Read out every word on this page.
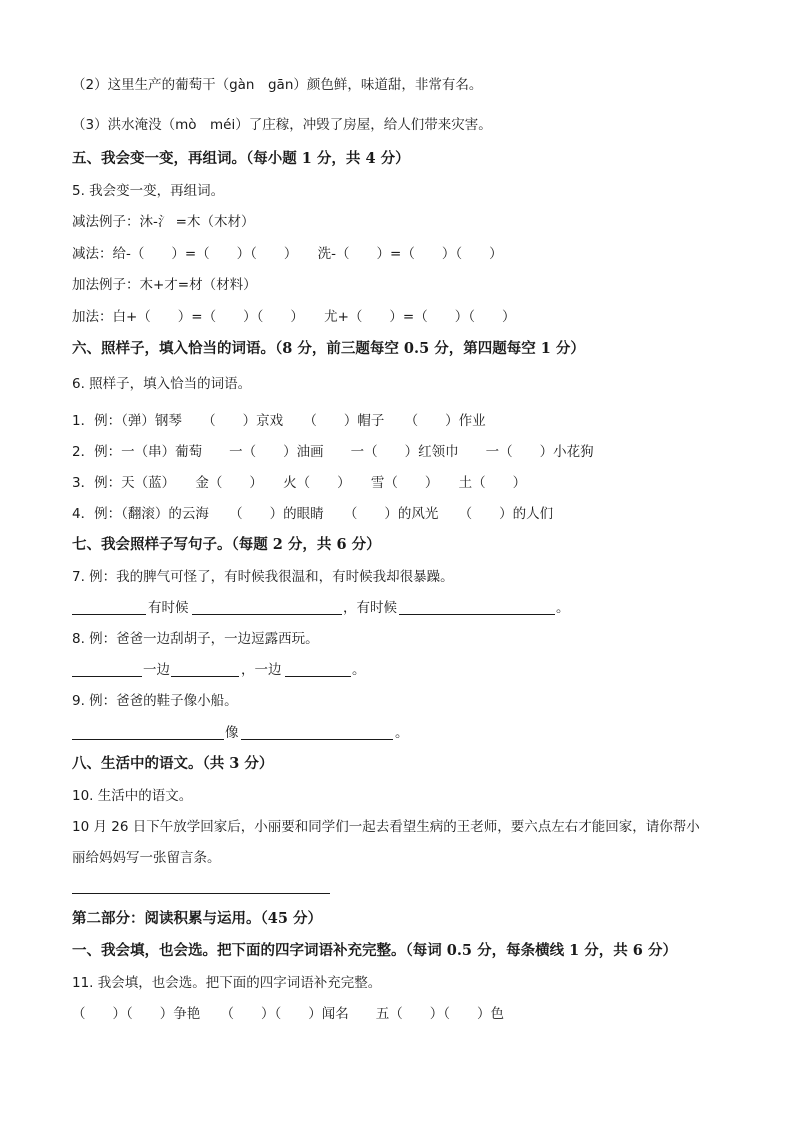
（2）这里生产的葡萄干（gàn　gān）颜色鲜，味道甜，非常有名。
（3）洪水淹没（mò　méi）了庄稼，冲毁了房屋，给人们带来灾害。
五、我会变一变，再组词。（每小题 1 分，共 4 分）
5. 我会变一变，再组词。
减法例子：沐-氵 =木（木材）
减法：给-（　　）=（　　）（　　）　　洗-（　　）=（　　）（　　）
加法例子：木+才=材（材料）
加法：白+（　　）=（　　）（　　）　　尤+（　　）=（　　）（　　）
六、照样子，填入恰当的词语。（8 分，前三题每空 0.5 分，第四题每空 1 分）
6. 照样子，填入恰当的词语。
1．例：（弹）钢琴　　（　　）京戏　　（　　）帽子　　（　　）作业
2．例：一（串）葡萄　　一（　　）油画　　一（　　）红领巾　　一（　　）小花狗
3．例：天（蓝）　　金（　　）　　火（　　）　　雪（　　）　　土（　　）
4．例：（翻滚）的云海　　（　　）的眼睛　　（　　）的风光　　（　　）的人们
七、我会照样子写句子。（每题 2 分，共 6 分）
7. 例：我的脾气可怪了，有时候我很温和，有时候我却很暴躁。
有时候	，有时候	。
8. 例：爸爸一边刮胡子，一边逗露西玩。
一边	，一边	。
9. 例：爸爸的鞋子像小船。
像	。
八、生活中的语文。（共 3 分）
10. 生活中的语文。
10 月 26 日下午放学回家后，小丽要和同学们一起去看望生病的王老师，要六点左右才能回家，请你帮小
丽给妈妈写一张留言条。
第二部分：阅读积累与运用。（45 分）
一、我会填，也会选。把下面的四字词语补充完整。（每词 0.5 分，每条横线 1 分，共 6 分）
11. 我会填，也会选。把下面的四字词语补充完整。
（　　）（　　）争艳　　（　　）（　　）闻名　　五（　　）（　　）色
